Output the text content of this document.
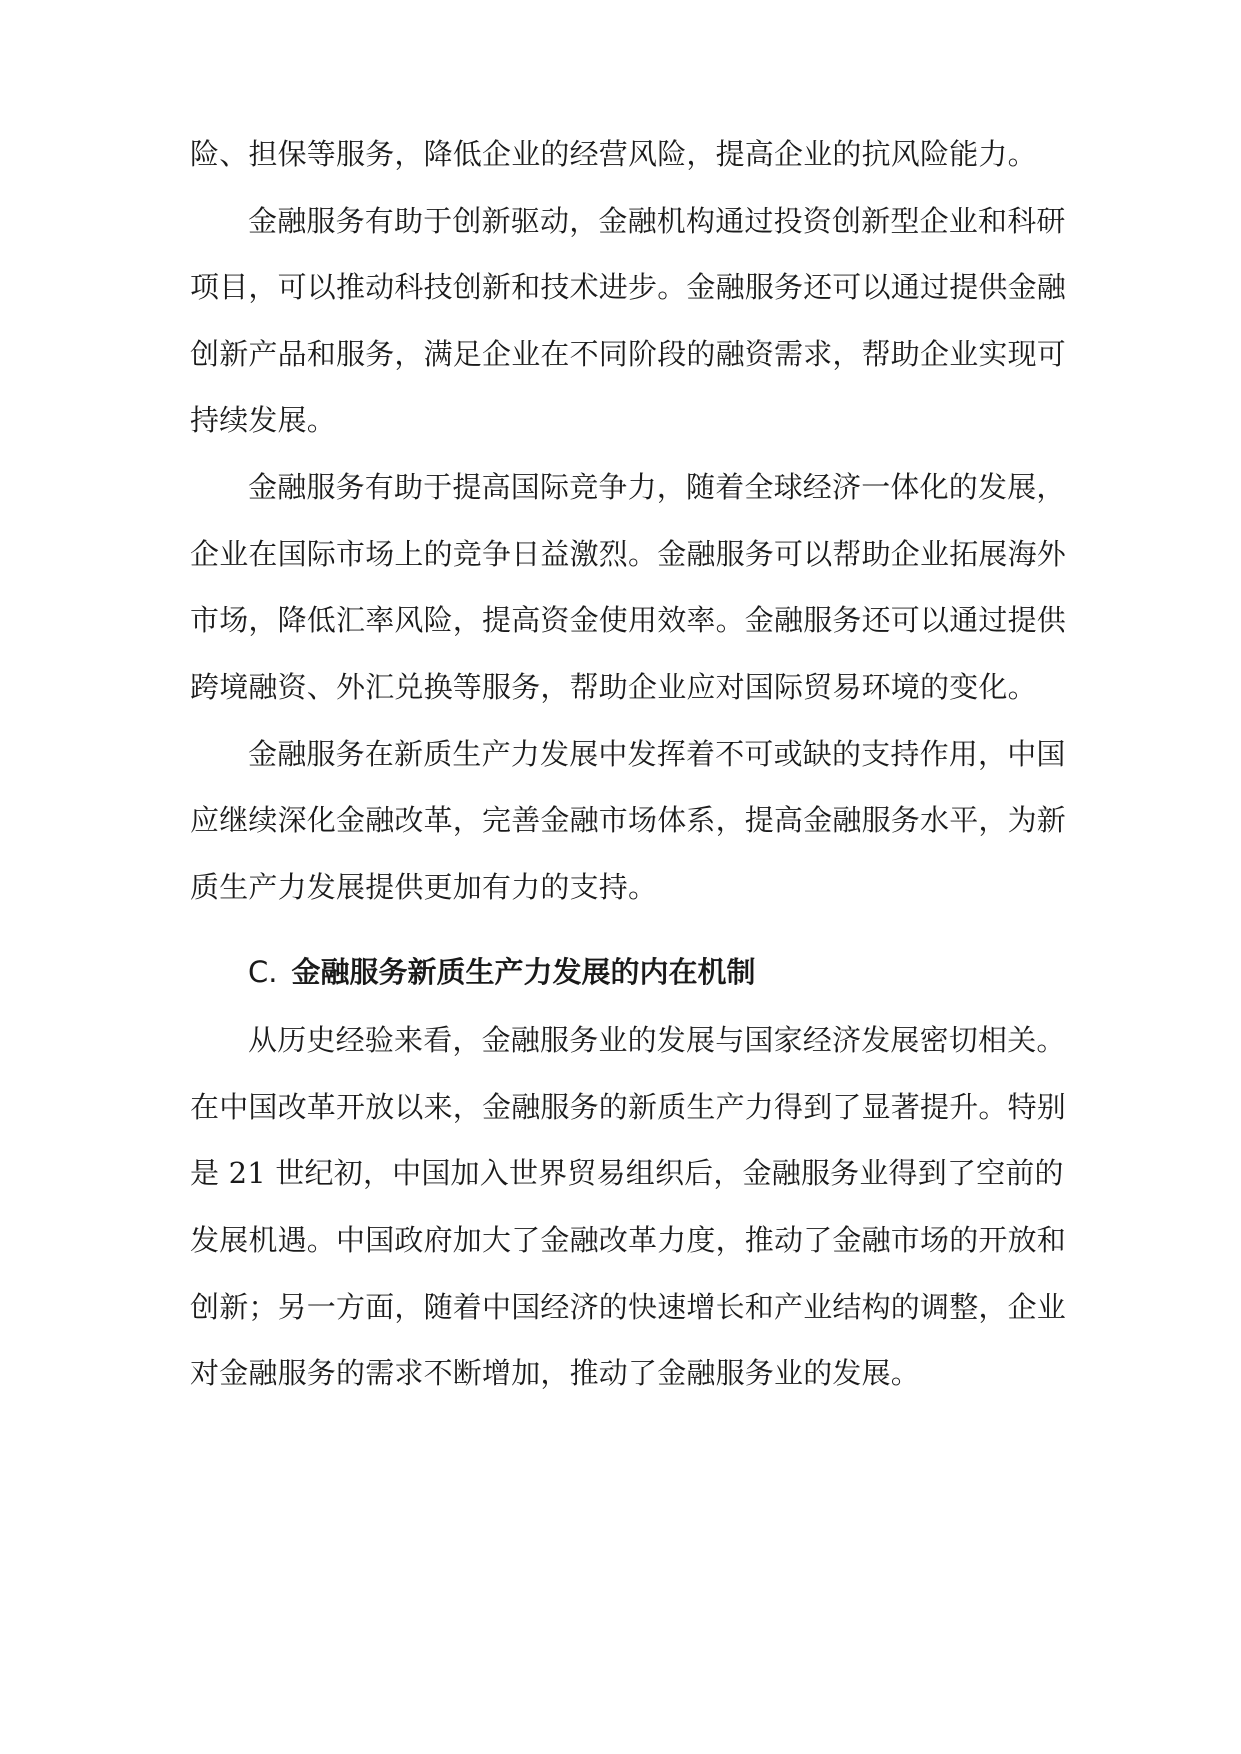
险、担保等服务，降低企业的经营风险，提高企业的抗风险能力。
金融服务有助于创新驱动，金融机构通过投资创新型企业和科研
项目，可以推动科技创新和技术进步。金融服务还可以通过提供金融
创新产品和服务，满足企业在不同阶段的融资需求，帮助企业实现可
持续发展。
金融服务有助于提高国际竞争力，随着全球经济一体化的发展，
企业在国际市场上的竞争日益激烈。金融服务可以帮助企业拓展海外
市场，降低汇率风险，提高资金使用效率。金融服务还可以通过提供
跨境融资、外汇兑换等服务，帮助企业应对国际贸易环境的变化。
金融服务在新质生产力发展中发挥着不可或缺的支持作用，中国
应继续深化金融改革，完善金融市场体系，提高金融服务水平，为新
质生产力发展提供更加有力的支持。
C. 金融服务新质生产力发展的内在机制
从历史经验来看，金融服务业的发展与国家经济发展密切相关。
在中国改革开放以来，金融服务的新质生产力得到了显著提升。特别
是 21 世纪初，中国加入世界贸易组织后，金融服务业得到了空前的
发展机遇。中国政府加大了金融改革力度，推动了金融市场的开放和
创新；另一方面，随着中国经济的快速增长和产业结构的调整，企业
对金融服务的需求不断增加，推动了金融服务业的发展。
